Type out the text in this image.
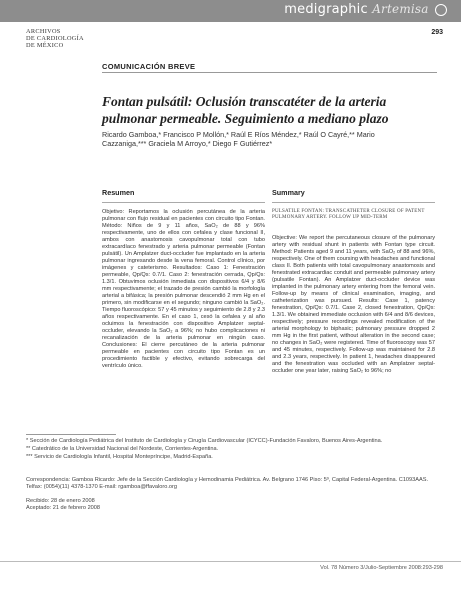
medigraphic Artemisa
ARCHIVOS
DE CARDIOLOGÍA
DE MÉXICO
293
COMUNICACIÓN BREVE
Fontan pulsátil: Oclusión transcatéter de la arteria pulmonar permeable. Seguimiento a mediano plazo
Ricardo Gamboa,* Francisco P Mollón,* Raúl E Ríos Méndez,* Raúl O Cayré,** Mario Cazzaniga,*** Graciela M Arroyo,* Diego F Gutiérrez*
Resumen

Objetivo: Reportamos la oclusión percutánea de la arteria pulmonar con flujo residual en pacientes con circuito tipo Fontan. Método: Niños de 9 y 11 años, SaO₂ de 88 y 96% respectivamente, uno de ellos con cefalea y clase funcional II, ambos con anastomosis cavopulmonar total con tubo extracardíaco fenestrado y arteria pulmonar permeable (Fontan pulsátil). Un Amplatzer duct-occluder fue implantado en la arteria pulmonar ingresando desde la vena femoral. Control clínico, por imágenes y cateterismo. Resultados: Caso 1: Fenestración permeable, Qp/Qs: 0.7/1. Caso 2: fenestración cerrada, Qp/Qs: 1.3/1. Obtuvimos oclusión inmediata con dispositivos 6/4 y 8/6 mm respectivamente; el trazado de presión cambió la morfología arterial a bifásica; la presión pulmonar descendió 2 mm Hg en el primero, sin modificarse en el segundo; ninguno cambió la SaO₂. Tiempo fluoroscópico: 57 y 45 minutos y seguimiento de 2.8 y 2.3 años respectivamente. En el caso 1, cesó la cefalea y al año ocluimos la fenestración con dispositivo Amplatzer septal-occluder, elevando la SaO₂ a 96%; no hubo complicaciones ni recanalización de la arteria pulmonar en ningún caso. Conclusiones: El cierre percutáneo de la arteria pulmonar permeable en pacientes con circuito tipo Fontan es un procedimiento factible y efectivo, evitando sobrecarga del ventrículo único.

Summary

PULSATILE FONTAN: TRANSCATHETER CLOSURE OF PATENT PULMONARY ARTERY. FOLLOW UP MID-TERM

Objective: We report the percutaneous closure of the pulmonary artery with residual shunt in patients with Fontan type circuit. Method: Patients aged 9 and 11 years, with SaO₂ of 88 and 96%, respectively. One of them coursing with headaches and functional class II. Both patients with total cavopulmonary anastomosis and fenestrated extracardiac conduit and permeable pulmonary artery (pulsatile Fontan). An Amplatzer duct-occluder device was implanted in the pulmonary artery entering from the femoral vein. Follow-up by means of clinical examination, imaging, and catheterization was pursued. Results: Case 1, patency fenestration, Qp/Qs: 0.7/1. Case 2, closed fenestration, Qp/Qs: 1.3/1. We obtained immediate occlusion with 6/4 and 8/6 devices, respectively; pressure recordings revealed modification of the arterial morphology to biphasic; pulmonary pressure dropped 2 mm Hg in the first patient, without alteration in the second case; no changes in SaO₂ were registered. Time of fluoroscopy was 57 and 45 minutes, respectively. Follow-up was maintained for 2.8 and 2.3 years, respectively. In patient 1, headaches disappeared and the fenestration was occluded with an Amplatzer septal-occluder one year later, raising SaO₂ to 96%; no

* Sección de Cardiología Pediátrica del Instituto de Cardiología y Cirugía Cardiovascular (ICYCC)-Fundación Favaloro, Buenos Aires-Argentina.

** Catedrático de la Universidad Nacional del Nordeste, Corrientes-Argentina.

*** Servicio de Cardiología Infantil, Hospital Montepríncipe, Madrid-España.

Correspondencia: Gamboa Ricardo: Jefe de la Sección Cardiología y Hemodinamia Pediátrica. Av. Belgrano 1746 Piso: 5º, Capital Federal-Argentina. C1093AAS. Telfax: (0054)(11) 4378-1370 E-mail: rgamboa@ffavaloro.org

Recibido: 28 de enero 2008
Aceptado: 21 de febrero 2008
Vol. 78 Número 3/Julio-Septiembre 2008:293-298
